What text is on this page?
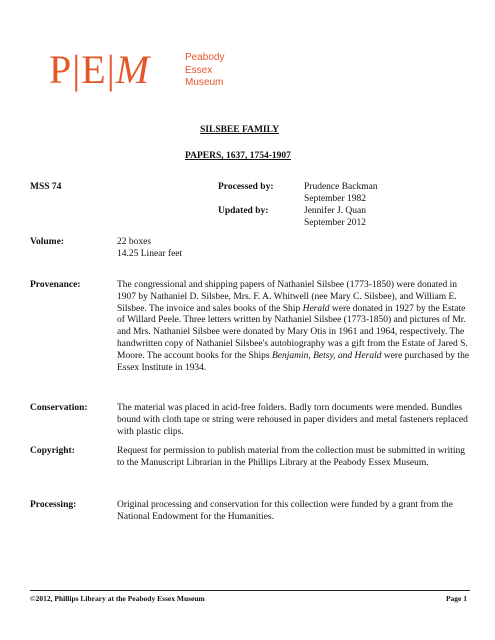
P|E|M	Peabody
Essex
Museum
SILSBEE FAMILY
PAPERS, 1637, 1754-1907
MSS 74	Processed by:	Prudence Backman
September 1982
Updated by:	Jennifer J. Quan
September 2012
Volume:	22 boxes
14.25 Linear feet
Provenance:	The congressional and shipping papers of Nathaniel Silsbee (1773-1850) were donated in 1907 by Nathaniel D. Silsbee, Mrs. F. A. Whitwell (nee Mary C. Silsbee), and William E. Silsbee. The invoice and sales books of the Ship Herald were donated in 1927 by the Estate of Willard Peele. Three letters written by Nathaniel Silsbee (1773-1850) and pictures of Mr. and Mrs. Nathaniel Silsbee were donated by Mary Otis in 1961 and 1964, respectively. The handwritten copy of Nathaniel Silsbee's autobiography was a gift from the Estate of Jared S. Moore. The account books for the Ships Benjamin, Betsy, and Herald were purchased by the Essex Institute in 1934.
Conservation:	The material was placed in acid-free folders. Badly torn documents were mended. Bundles bound with cloth tape or string were rehoused in paper dividers and metal fasteners replaced with plastic clips.
Copyright:	Request for permission to publish material from the collection must be submitted in writing to the Manuscript Librarian in the Phillips Library at the Peabody Essex Museum.
Processing:	Original processing and conservation for this collection were funded by a grant from the National Endowment for the Humanities.
©2012, Phillips Library at the Peabody Essex Museum	Page 1
